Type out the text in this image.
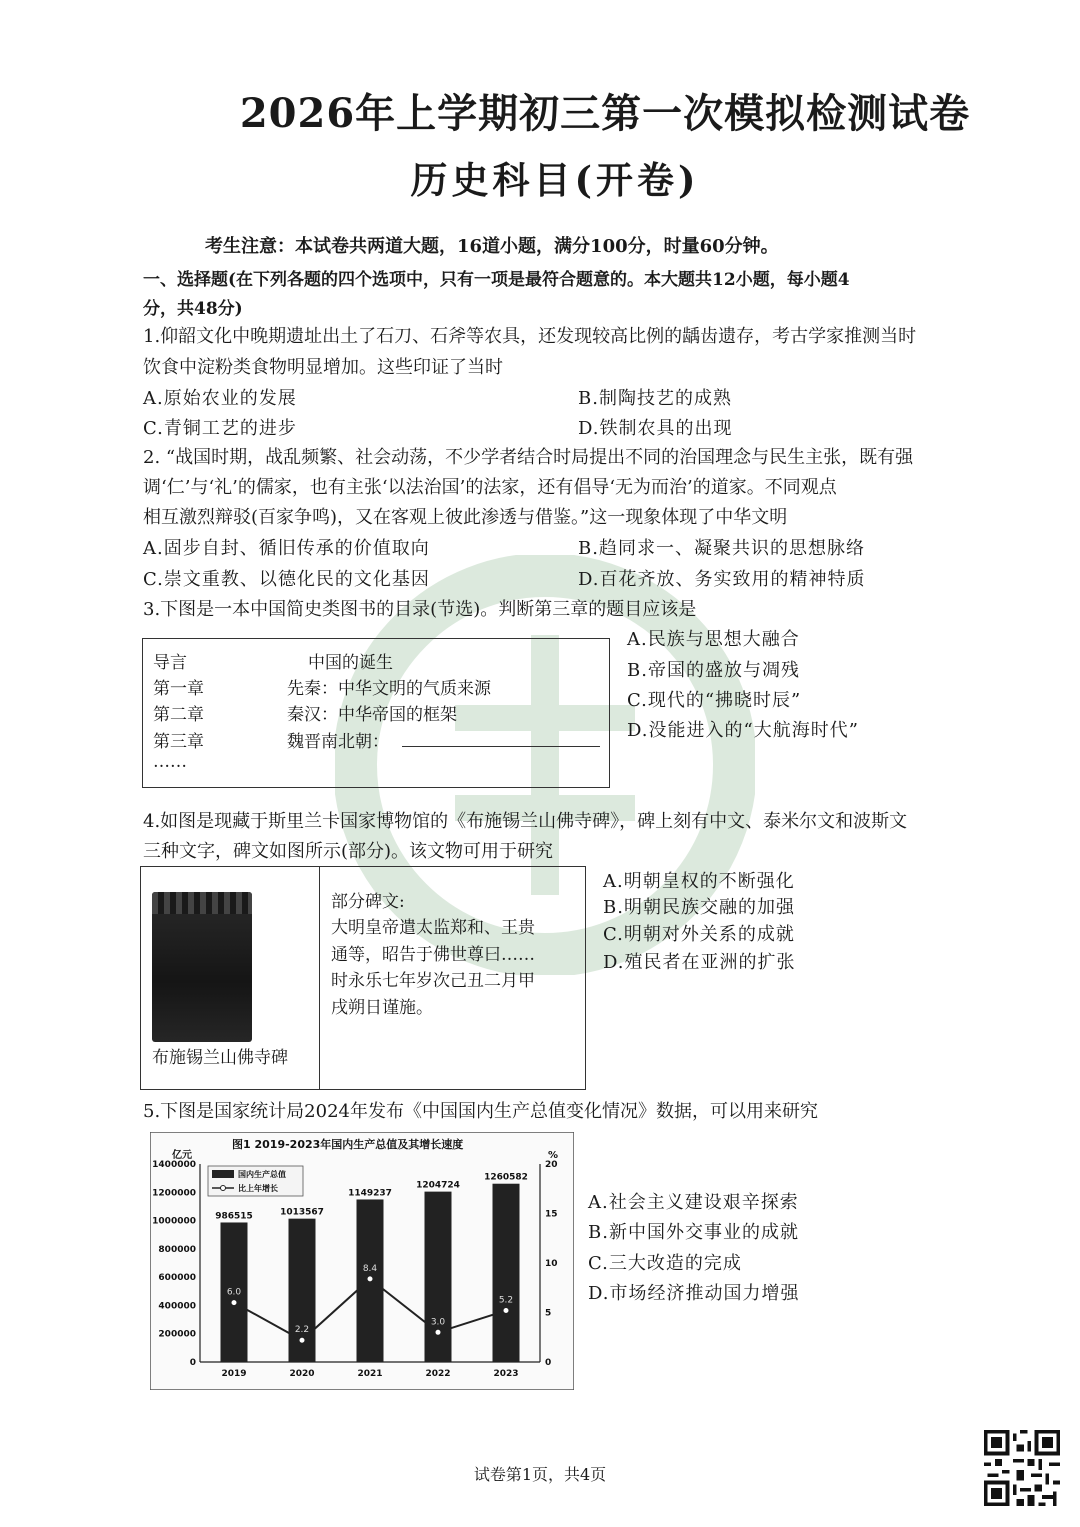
2026年上学期初三第一次模拟检测试卷
历史科目(开卷)
考生注意：本试卷共两道大题，16道小题，满分100分，时量60分钟。
一、选择题(在下列各题的四个选项中，只有一项是最符合题意的。本大题共12小题，每小题4
分，共48分)
1.仰韶文化中晚期遗址出土了石刀、石斧等农具，还发现较高比例的龋齿遗存，考古学家推测当时
饮食中淀粉类食物明显增加。这些印证了当时
A.原始农业的发展	B.制陶技艺的成熟
C.青铜工艺的进步	D.铁制农具的出现
2. “战国时期，战乱频繁、社会动荡，不少学者结合时局提出不同的治国理念与民生主张，既有强
调‘仁’与‘礼’的儒家，也有主张‘以法治国’的法家，还有倡导‘无为而治’的道家。不同观点
相互激烈辩驳(百家争鸣)，又在客观上彼此渗透与借鉴。”这一现象体现了中华文明
A.固步自封、循旧传承的价值取向	B.趋同求一、凝聚共识的思想脉络
C.崇文重教、以德化民的文化基因	D.百花齐放、务实致用的精神特质
3.下图是一本中国简史类图书的目录(节选)。判断第三章的题目应该是
导言	中国的诞生
第一章	先秦：中华文明的气质来源
第二章	秦汉：中华帝国的框架
第三章	魏晋南北朝：
……
A.民族与思想大融合
B.帝国的盛放与凋残
C.现代的“拂晓时辰”
D.没能进入的“大航海时代”
4.如图是现藏于斯里兰卡国家博物馆的《布施锡兰山佛寺碑》，碑上刻有中文、泰米尔文和波斯文
三种文字，碑文如图所示(部分)。该文物可用于研究
布施锡兰山佛寺碑
部分碑文:
大明皇帝遣太监郑和、王贵
通等，昭告于佛世尊曰……
时永乐七年岁次己丑二月甲
戌朔日谨施。
A.明朝皇权的不断强化
B.明朝民族交融的加强
C.明朝对外关系的成就
D.殖民者在亚洲的扩张
5.下图是国家统计局2024年发布《中国国内生产总值变化情况》数据，可以用来研究
图1 2019-2023年国内生产总值及其增长速度
亿元	%
0
200000
400000
600000
800000
1000000
1200000
1400000
0
5
10
15
20
986515
2019
1013567
2020
1149237
2021
1204724
2022
1260582
2023
6.0
2.2
8.4
3.0
5.2
国内生产总值
比上年增长
A.社会主义建设艰辛探索
B.新中国外交事业的成就
C.三大改造的完成
D.市场经济推动国力增强
试卷第1页，共4页
